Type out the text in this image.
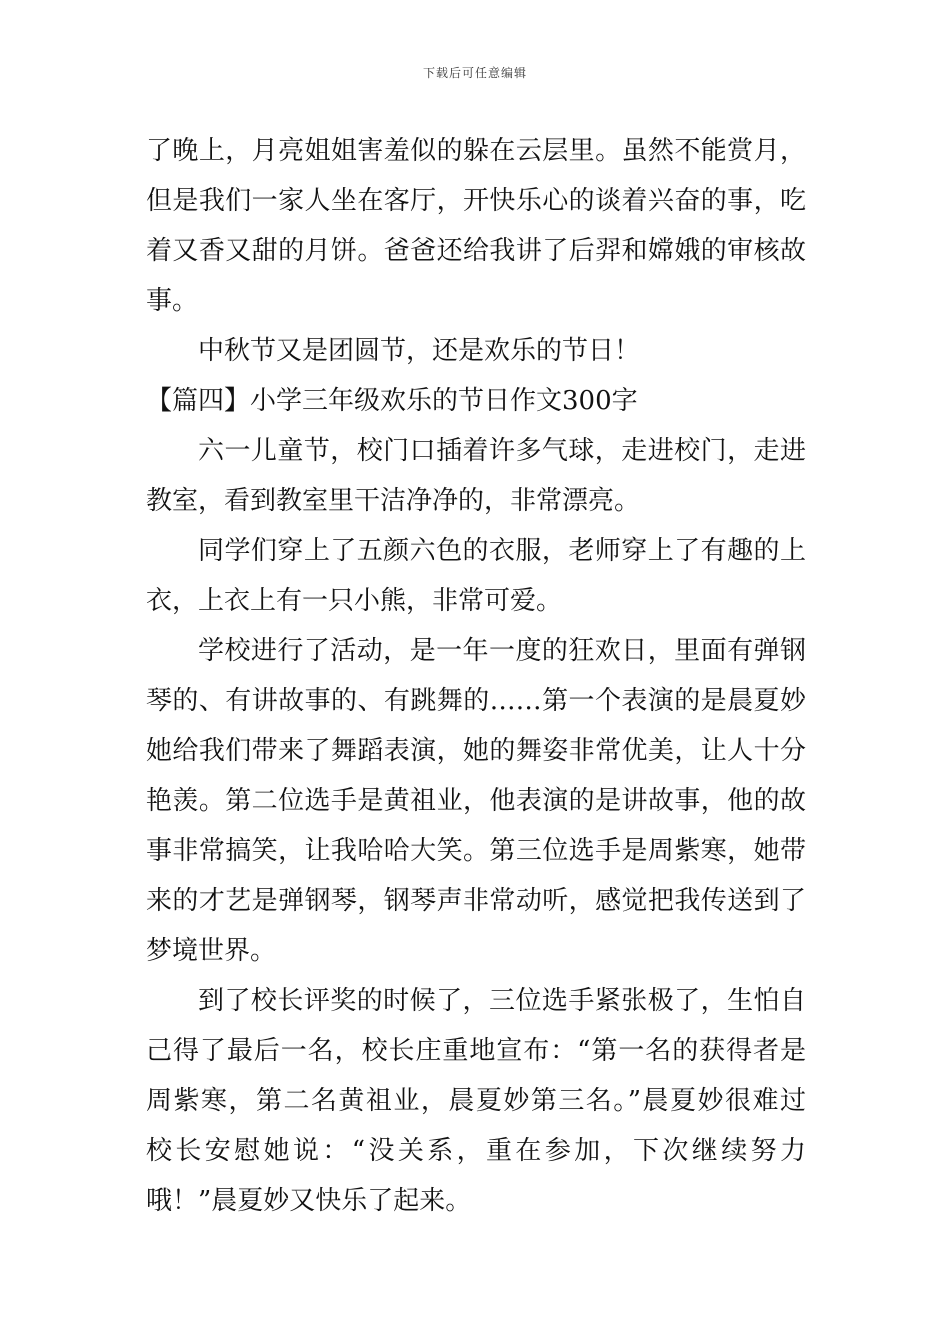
下载后可任意编辑
了晚上，月亮姐姐害羞似的躲在云层里。虽然不能赏月，
但是我们一家人坐在客厅，开快乐心的谈着兴奋的事，吃
着又香又甜的月饼。爸爸还给我讲了后羿和嫦娥的审核故
事。
中秋节又是团圆节，还是欢乐的节日！
【篇四】小学三年级欢乐的节日作文300字
六一儿童节，校门口插着许多气球，走进校门，走进
教室，看到教室里干洁净净的，非常漂亮。
同学们穿上了五颜六色的衣服，老师穿上了有趣的上
衣，上衣上有一只小熊，非常可爱。
学校进行了活动，是一年一度的狂欢日，里面有弹钢
琴的、有讲故事的、有跳舞的……第一个表演的是晨夏妙
她给我们带来了舞蹈表演，她的舞姿非常优美，让人十分
艳羡。第二位选手是黄祖业，他表演的是讲故事，他的故
事非常搞笑，让我哈哈大笑。第三位选手是周紫寒，她带
来的才艺是弹钢琴，钢琴声非常动听，感觉把我传送到了
梦境世界。
到了校长评奖的时候了，三位选手紧张极了，生怕自
己得了最后一名，校长庄重地宣布：“第一名的获得者是
周紫寒，第二名黄祖业，晨夏妙第三名。”晨夏妙很难过
校长安慰她说：“没关系，重在参加，下次继续努力
哦！”晨夏妙又快乐了起来。
